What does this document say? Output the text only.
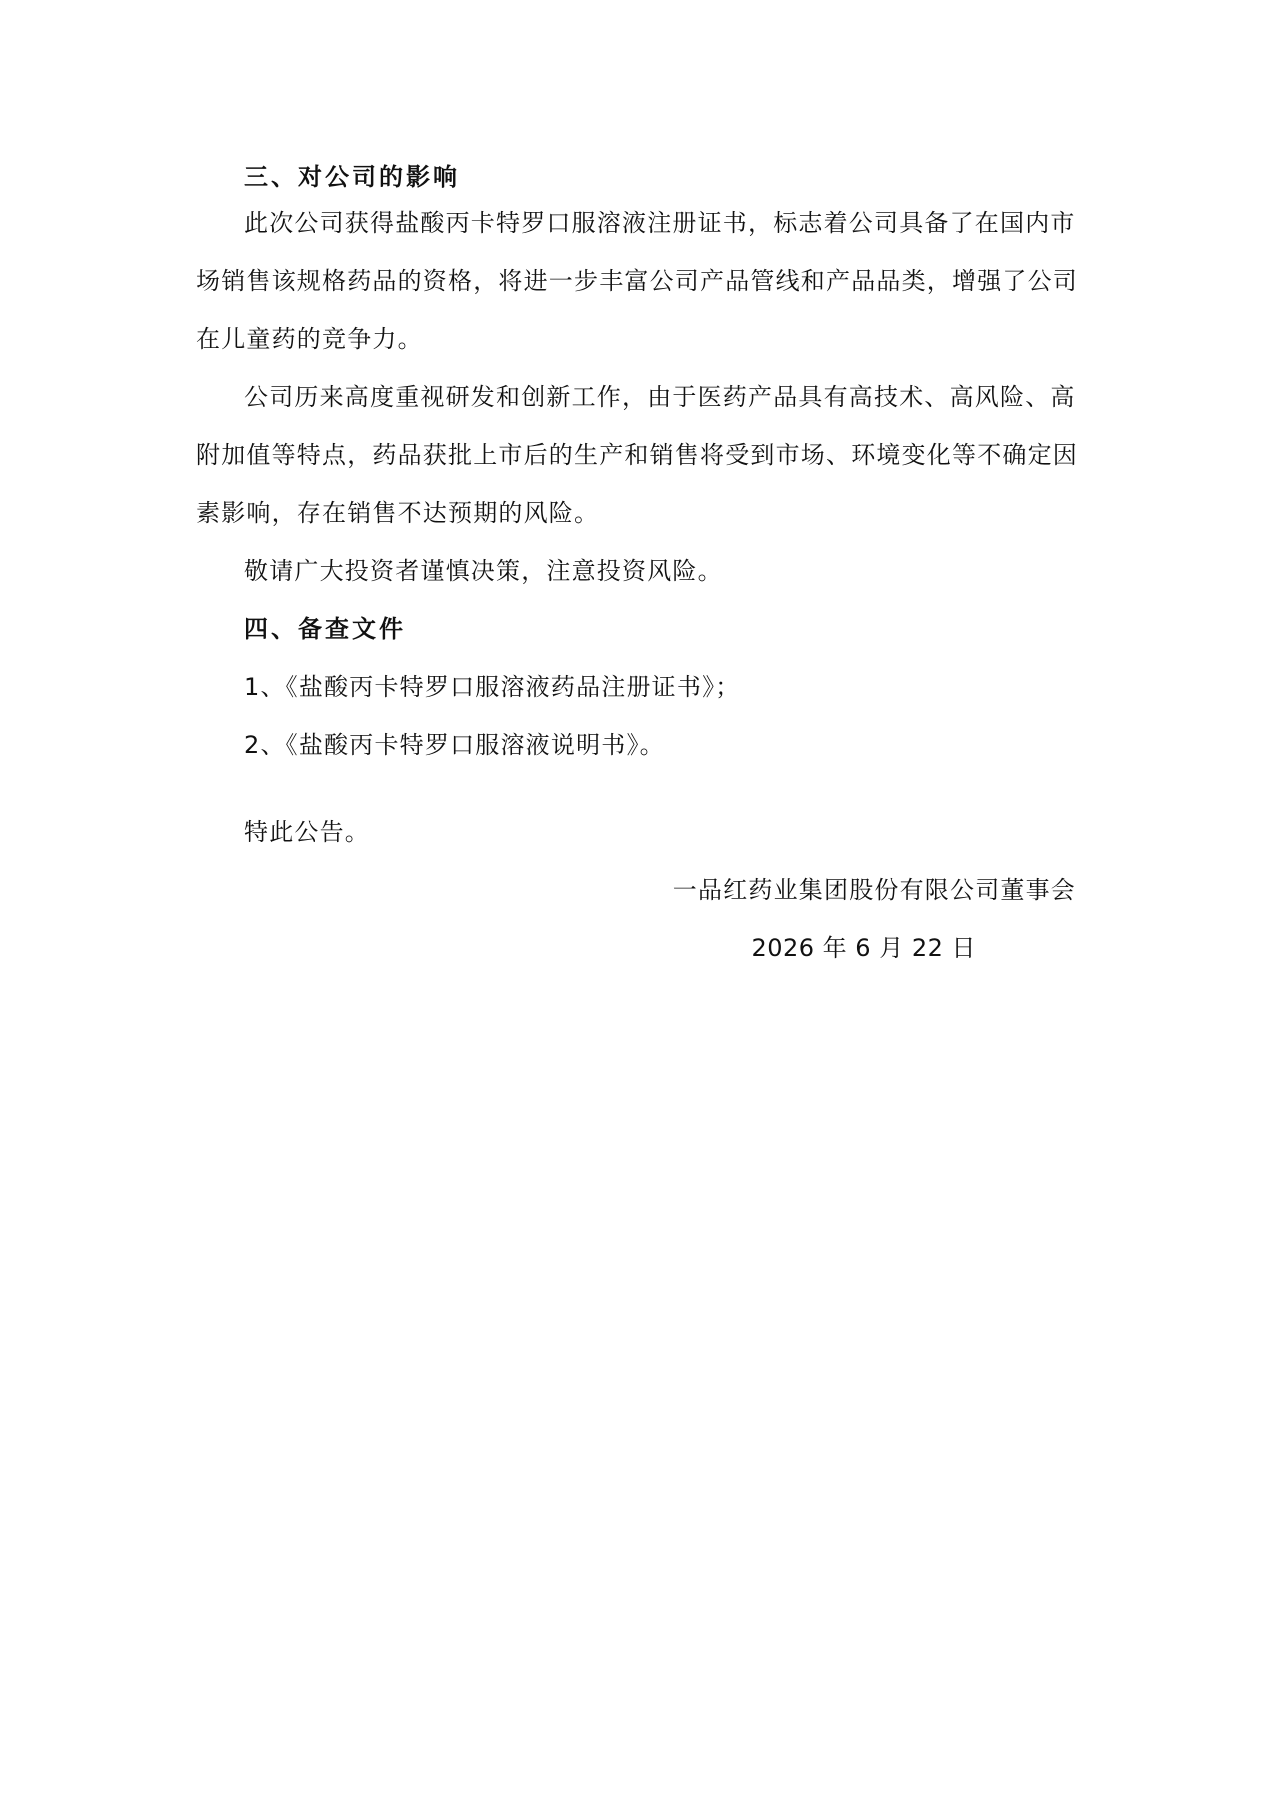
三、对公司的影响
此次公司获得盐酸丙卡特罗口服溶液注册证书，标志着公司具备了在国内市
场销售该规格药品的资格，将进一步丰富公司产品管线和产品品类，增强了公司
在儿童药的竞争力。
公司历来高度重视研发和创新工作，由于医药产品具有高技术、高风险、高
附加值等特点，药品获批上市后的生产和销售将受到市场、环境变化等不确定因
素影响，存在销售不达预期的风险。
敬请广大投资者谨慎决策，注意投资风险。
四、备查文件
1、《盐酸丙卡特罗口服溶液药品注册证书》；
2、《盐酸丙卡特罗口服溶液说明书》。
特此公告。
一品红药业集团股份有限公司董事会
2026 年 6 月 22 日
